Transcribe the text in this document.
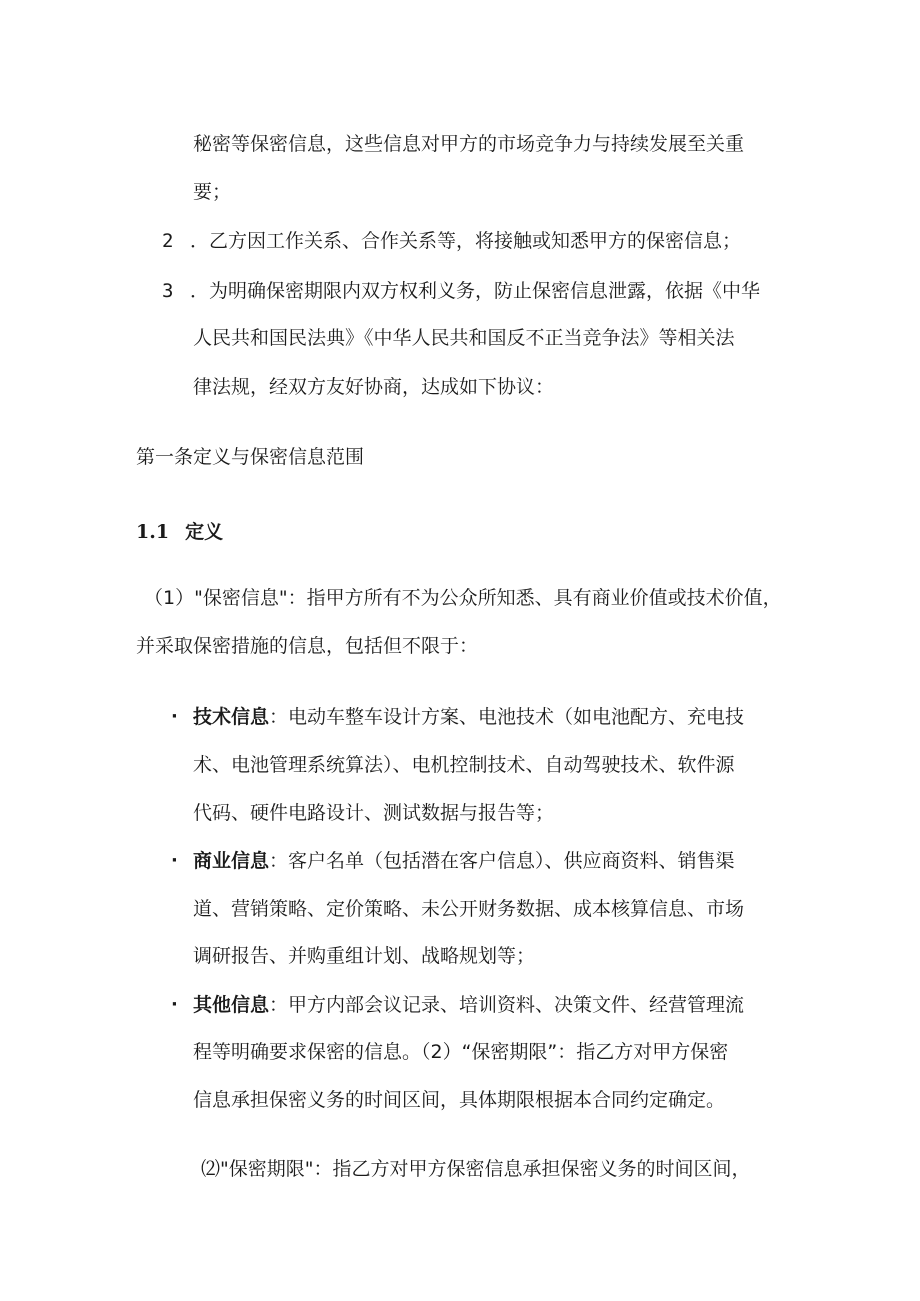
秘密等保密信息，这些信息对甲方的市场竞争力与持续发展至关重
要；
2 ．乙方因工作关系、合作关系等，将接触或知悉甲方的保密信息；
3 ．为明确保密期限内双方权利义务，防止保密信息泄露，依据《中华
人民共和国民法典》《中华人民共和国反不正当竞争法》等相关法
律法规，经双方友好协商，达成如下协议：
第一条定义与保密信息范围
1.1 定义
（1）"保密信息"：指甲方所有不为公众所知悉、具有商业价值或技术价值，
并采取保密措施的信息，包括但不限于：
· 技术信息：电动车整车设计方案、电池技术（如电池配方、充电技
术、电池管理系统算法）、电机控制技术、自动驾驶技术、软件源
代码、硬件电路设计、测试数据与报告等；
· 商业信息：客户名单（包括潜在客户信息）、供应商资料、销售渠
道、营销策略、定价策略、未公开财务数据、成本核算信息、市场
调研报告、并购重组计划、战略规划等；
· 其他信息：甲方内部会议记录、培训资料、决策文件、经营管理流
程等明确要求保密的信息。（2）“保密期限”：指乙方对甲方保密
信息承担保密义务的时间区间，具体期限根据本合同约定确定。
⑵"保密期限"：指乙方对甲方保密信息承担保密义务的时间区间，
